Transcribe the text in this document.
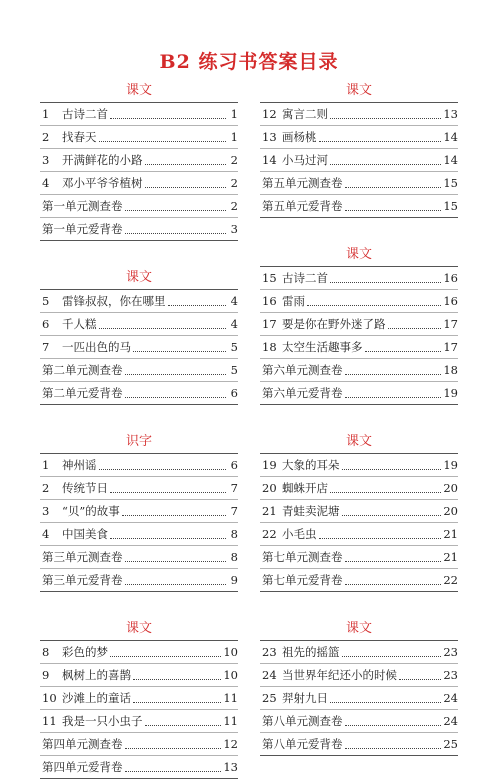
B2 练习书答案目录
课文
1	古诗二首	1
2	找春天	1
3	开满鲜花的小路	2
4	邓小平爷爷植树	2
第一单元测查卷	2
第一单元爱背卷	3
课文
5	雷锋叔叔，你在哪里	4
6	千人糕	4
7	一匹出色的马	5
第二单元测查卷	5
第二单元爱背卷	6
识字
1	神州谣	6
2	传统节日	7
3	“贝”的故事	7
4	中国美食	8
第三单元测查卷	8
第三单元爱背卷	9
课文
8	彩色的梦	10
9	枫树上的喜鹊	10
10 沙滩上的童话	11
11 我是一只小虫子	11
第四单元测查卷	12
第四单元爱背卷	13
课文
12 寓言二则	13
13 画杨桃	14
14 小马过河	14
第五单元测查卷	15
第五单元爱背卷	15
课文
15 古诗二首	16
16 雷雨	16
17 要是你在野外迷了路	17
18 太空生活趣事多	17
第六单元测查卷	18
第六单元爱背卷	19
课文
19 大象的耳朵	19
20 蜘蛛开店	20
21 青蛙卖泥塘	20
22 小毛虫	21
第七单元测查卷	21
第七单元爱背卷	22
课文
23 祖先的摇篮	23
24 当世界年纪还小的时候	23
25 羿射九日	24
第八单元测查卷	24
第八单元爱背卷	25
